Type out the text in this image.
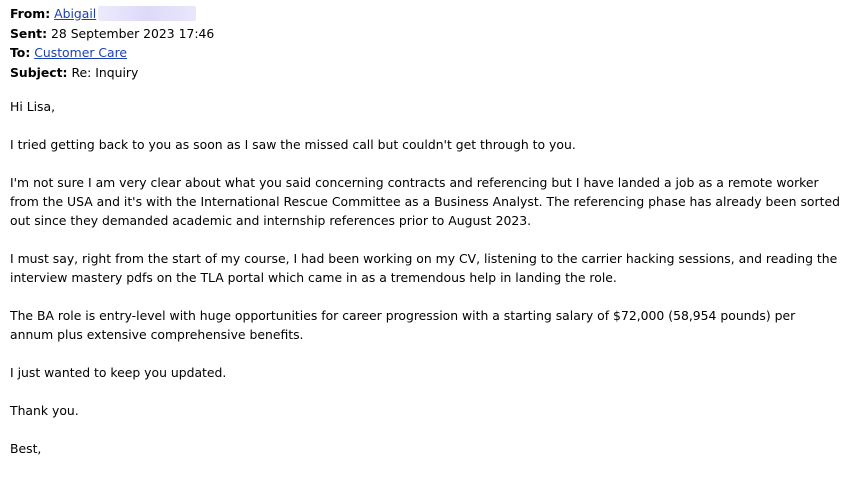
From: Abigail
Sent: 28 September 2023 17:46
To: Customer Care
Subject: Re: Inquiry

Hi Lisa,

I tried getting back to you as soon as I saw the missed call but couldn't get through to you.

I'm not sure I am very clear about what you said concerning contracts and referencing but I have landed a job as a remote worker from the USA and it's with the International Rescue Committee as a Business Analyst. The referencing phase has already been sorted out since they demanded academic and internship references prior to August 2023.

I must say, right from the start of my course, I had been working on my CV, listening to the carrier hacking sessions, and reading the interview mastery pdfs on the TLA portal which came in as a tremendous help in landing the role.

The BA role is entry-level with huge opportunities for career progression with a starting salary of $72,000 (58,954 pounds) per annum plus extensive comprehensive benefits.

I just wanted to keep you updated.

Thank you.

Best,
